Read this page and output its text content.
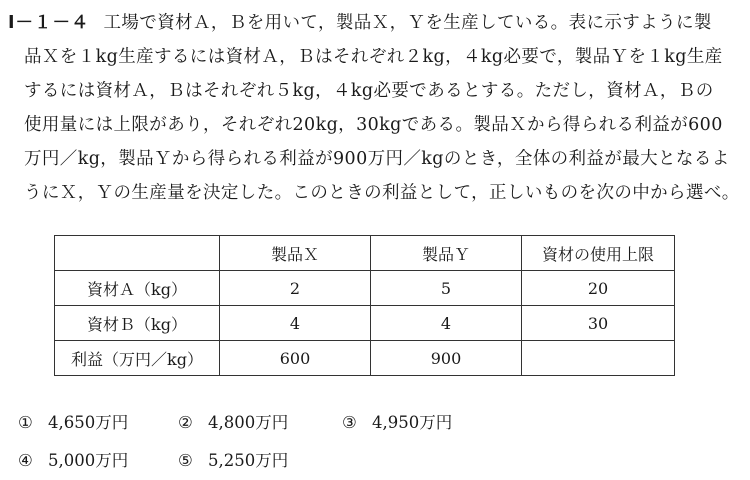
Ⅰ－１－４ 工場で資材Ａ，Ｂを用いて，製品Ｘ，Ｙを生産している。表に示すように製
品Ｘを１kg生産するには資材Ａ，Ｂはそれぞれ２kg，４kg必要で，製品Ｙを１kg生産
するには資材Ａ，Ｂはそれぞれ５kg，４kg必要であるとする。ただし，資材Ａ，Ｂの
使用量には上限があり，それぞれ20kg，30kgである。製品Ｘから得られる利益が600
万円／kg，製品Ｙから得られる利益が900万円／kgのとき，全体の利益が最大となるよ
うにＸ，Ｙの生産量を決定した。このときの利益として，正しいものを次の中から選べ。
	製品Ｘ	製品Ｙ	資材の使用上限
資材Ａ（kg）	2	5	20
資材Ｂ（kg）	4	4	30
利益（万円／kg）	600	900	
① 4,650万円	② 4,800万円	③ 4,950万円
④ 5,000万円	⑤ 5,250万円
